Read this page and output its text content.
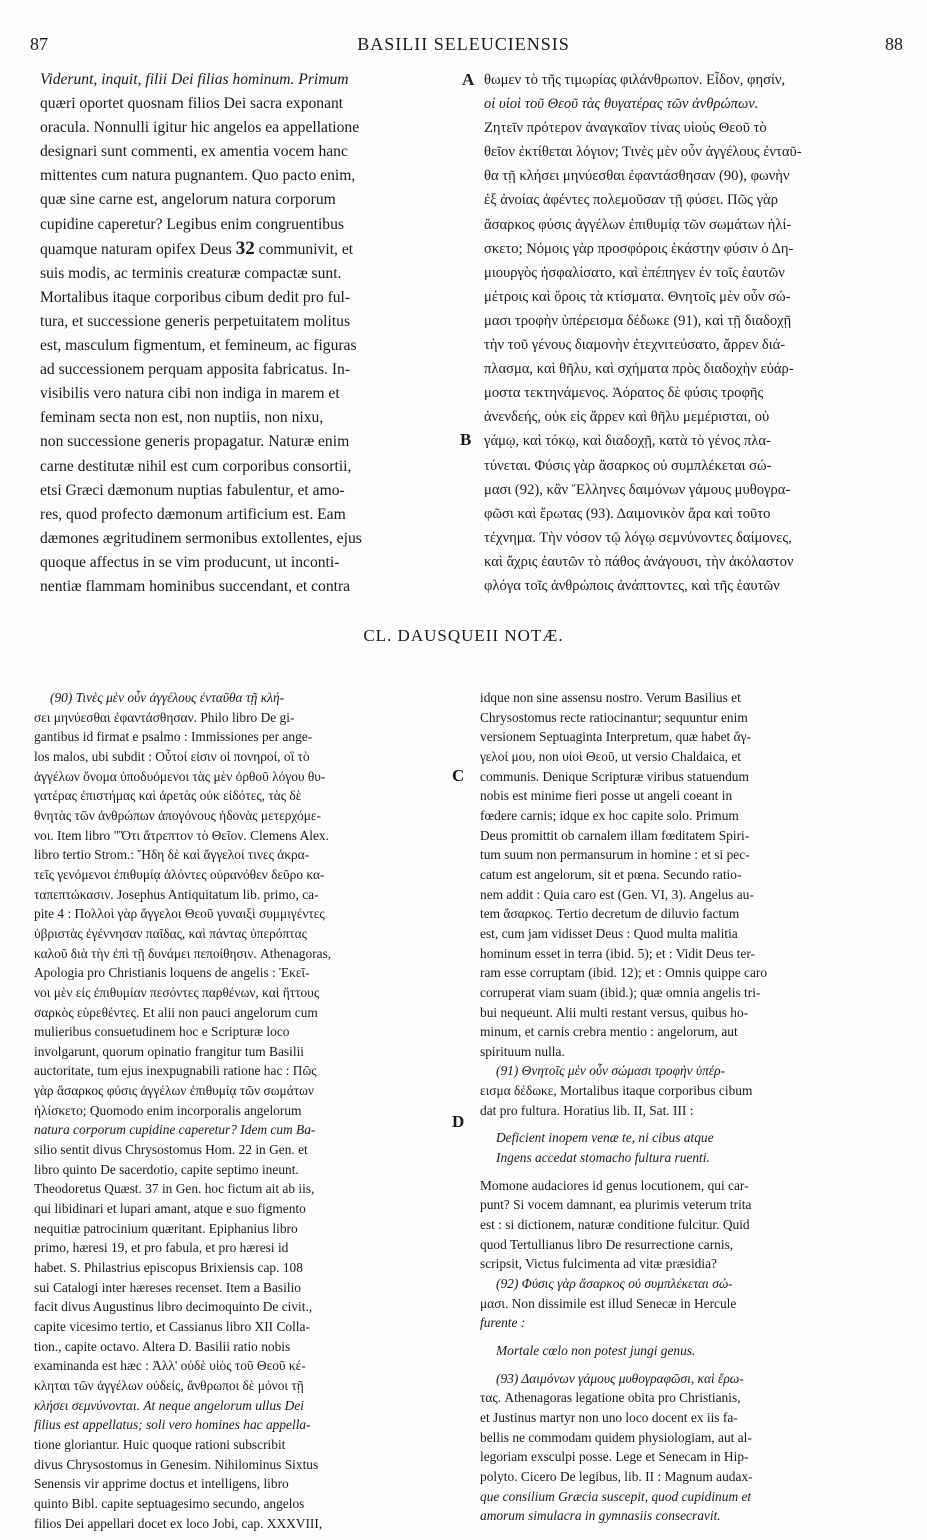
87	BASILII SELEUCIENSIS	88
Viderunt, inquit, filii Dei filias hominum. Primum
quæri oportet quosnam filios Dei sacra exponant
oracula. Nonnulli igitur hic angelos ea appellatione
designari sunt commenti, ex amentia vocem hanc
mittentes cum natura pugnantem. Quo pacto enim,
quæ sine carne est, angelorum natura corporum
cupidine caperetur? Legibus enim congruentibus
quamque naturam opifex Deus 32 communivit, et
suis modis, ac terminis creaturæ compactæ sunt.
Mortalibus itaque corporibus cibum dedit pro ful-
tura, et successione generis perpetuitatem molitus
est, masculum figmentum, et femineum, ac figuras
ad successionem perquam apposita fabricatus. In-
visibilis vero natura cibi non indiga in marem et
feminam secta non est, non nuptiis, non nixu,
non successione generis propagatur. Naturæ enim
carne destitutæ nihil est cum corporibus consortii,
etsi Græci dæmonum nuptias fabulentur, et amo-
res, quod profecto dæmonum artificium est. Eam
dæmones ægritudinem sermonibus extollentes, ejus
quoque affectus in se vim producunt, ut inconti-
nentiæ flammam hominibus succendant, et contra
A
B
θωμεν τὸ τῆς τιμωρίας φιλάνθρωπον. Εἶδον, φησίν,
οἱ υἱοὶ τοῦ Θεοῦ τὰς θυγατέρας τῶν ἀνθρώπων.
Ζητεῖν πρότερον ἀναγκαῖον τίνας υἱοὺς Θεοῦ τὸ
θεῖον ἐκτίθεται λόγιον; Τινὲς μὲν οὖν ἀγγέλους ἐνταῦ-
θα τῇ κλήσει μηνύεσθαι ἐφαντάσθησαν (90), φωνὴν
ἐξ ἀνοίας ἀφέντες πολεμοῦσαν τῇ φύσει. Πῶς γὰρ
ἄσαρκος φύσις ἀγγέλων ἐπιθυμίᾳ τῶν σωμάτων ἡλί-
σκετο; Νόμοις γὰρ προσφόροις ἑκάστην φύσιν ὁ Δη-
μιουργὸς ἠσφαλίσατο, καὶ ἐπέπηγεν ἐν τοῖς ἑαυτῶν
μέτροις καὶ ὅροις τὰ κτίσματα. Θνητοῖς μὲν οὖν σώ-
μασι τροφὴν ὑπέρεισμα δέδωκε (91), καὶ τῇ διαδοχῇ
τὴν τοῦ γένους διαμονὴν ἐτεχνιτεύσατο, ἄρρεν διά-
πλασμα, καὶ θῆλυ, καὶ σχήματα πρὸς διαδοχὴν εὐάρ-
μοστα τεκτηνάμενος. Ἀόρατος δὲ φύσις τροφῆς
ἀνενδεής, οὐκ εἰς ἄρρεν καὶ θῆλυ μεμέρισται, οὐ
γάμῳ, καὶ τόκῳ, καὶ διαδοχῇ, κατὰ τὸ γένος πλα-
τύνεται. Φύσις γὰρ ἄσαρκος οὐ συμπλέκεται σώ-
μασι (92), κἂν Ἕλληνες δαιμόνων γάμους μυθογρα-
φῶσι καὶ ἔρωτας (93). Δαιμονικὸν ἄρα καὶ τοῦτο
τέχνημα. Τὴν νόσον τῷ λόγῳ σεμνύνοντες δαίμονες,
καὶ ἄχρις ἑαυτῶν τὸ πάθος ἀνάγουσι, τὴν ἀκόλαστον
φλόγα τοῖς ἀνθρώποις ἀνάπτοντες, καὶ τῆς ἑαυτῶν
CL. DAUSQUEII NOTÆ.
(90) Τινὲς μὲν οὖν ἀγγέλους ἐνταῦθα τῇ κλή-
σει μηνύεσθαι ἐφαντάσθησαν. Philo libro De gi-
gantibus id firmat e psalmo : Immissiones per ange-
los malos, ubi subdit : Οὗτοί εἰσιν οἱ πονηροί, οἳ τὸ
ἀγγέλων ὄνομα ὑποδυόμενοι τὰς μὲν ὀρθοῦ λόγου θυ-
γατέρας ἐπιστήμας καὶ ἀρετὰς οὐκ εἰδότες, τὰς δὲ
θνητὰς τῶν ἀνθρώπων ἀπογόνους ἡδονὰς μετερχόμε-
νοι. Item libro "Ὅτι ἄτρεπτον τὸ Θεῖον. Clemens Alex.
libro tertio Strom.: Ἤδη δὲ καὶ ἄγγελοί τινες ἀκρα-
τεῖς γενόμενοι ἐπιθυμίᾳ ἁλόντες οὐρανόθεν δεῦρο κα-
ταπεπτώκασιν. Josephus Antiquitatum lib. primo, ca-
pite 4 : Πολλοὶ γὰρ ἄγγελοι Θεοῦ γυναιξὶ συμμιγέντες
ὑβριστὰς ἐγέννησαν παῖδας, καὶ πάντας ὑπερόπτας
καλοῦ διὰ τὴν ἐπὶ τῇ δυνάμει πεποίθησιν. Athenagoras,
Apologia pro Christianis loquens de angelis : Ἐκεῖ-
νοι μὲν εἰς ἐπιθυμίαν πεσόντες παρθένων, καὶ ἥττους
σαρκὸς εὑρεθέντες. Et alii non pauci angelorum cum
mulieribus consuetudinem hoc e Scripturæ loco
involgarunt, quorum opinatio frangitur tum Basilii
auctoritate, tum ejus inexpugnabili ratione hac : Πῶς
γὰρ ἄσαρκος φύσις ἀγγέλων ἐπιθυμίᾳ τῶν σωμάτων
ἡλίσκετο; Quomodo enim incorporalis angelorum
natura corporum cupidine caperetur? Idem cum Ba-
silio sentit divus Chrysostomus Hom. 22 in Gen. et
libro quinto De sacerdotio, capite septimo ineunt.
Theodoretus Quæst. 37 in Gen. hoc fictum ait ab iis,
qui libidinari et lupari amant, atque e suo figmento
nequitiæ patrocinium quæritant. Epiphanius libro
primo, hæresi 19, et pro fabula, et pro hæresi id
habet. S. Philastrius episcopus Brixiensis cap. 108
sui Catalogi inter hæreses recenset. Item a Basilio
facit divus Augustinus libro decimoquinto De civit.,
capite vicesimo tertio, et Cassianus libro XII Colla-
tion., capite octavo. Altera D. Basilii ratio nobis
examinanda est hæc : Ἀλλ' οὐδὲ υἱὸς τοῦ Θεοῦ κέ-
κληται τῶν ἀγγέλων οὐδείς, ἄνθρωποι δὲ μόνοι τῇ
κλήσει σεμνύνονται. At neque angelorum ullus Dei
filius est appellatus; soli vero homines hac appella-
tione gloriantur. Huic quoque rationi subscribit
divus Chrysostomus in Genesim. Nihilominus Sixtus
Senensis vir apprime doctus et intelligens, libro
quinto Bibl. capite septuagesimo secundo, angelos
filios Dei appellari docet ex loco Jobi, cap. XXXVIII,
C
D
idque non sine assensu nostro. Verum Basilius et
Chrysostomus recte ratiocinantur; sequuntur enim
versionem Septuaginta Interpretum, quæ habet ἄγ-
γελοί μου, non υἱοὶ Θεοῦ, ut versio Chaldaica, et
communis. Denique Scripturæ viribus statuendum
nobis est minime fieri posse ut angeli coeant in
fœdere carnis; idque ex hoc capite solo. Primum
Deus promittit ob carnalem illam fœditatem Spiri-
tum suum non permansurum in homine : et si pec-
catum est angelorum, sit et pœna. Secundo ratio-
nem addit : Quia caro est (Gen. VI, 3). Angelus au-
tem ἄσαρκος. Tertio decretum de diluvio factum
est, cum jam vidisset Deus : Quod multa malitia
hominum esset in terra (ibid. 5); et : Vidit Deus ter-
ram esse corruptam (ibid. 12); et : Omnis quippe caro
corruperat viam suam (ibid.); quæ omnia angelis tri-
bui nequeunt. Alii multi restant versus, quibus ho-
minum, et carnis crebra mentio : angelorum, aut
spirituum nulla.
(91) Θνητοῖς μὲν οὖν σώμασι τροφὴν ὑπέρ-
εισμα δέδωκε, Mortalibus itaque corporibus cibum
dat pro fultura. Horatius lib. II, Sat. III :
Deficient inopem venæ te, ni cibus atque
Ingens accedat stomacho fultura ruenti.
Momone audaciores id genus locutionem, qui car-
punt? Si vocem damnant, ea plurimis veterum trita
est : si dictionem, naturæ conditione fulcitur. Quid
quod Tertullianus libro De resurrectione carnis,
scripsit, Victus fulcimenta ad vitæ præsidia?
(92) Φύσις γὰρ ἄσαρκος οὐ συμπλέκεται σώ-
μασι. Non dissimile est illud Senecæ in Hercule
furente :
Mortale cœlo non potest jungi genus.
(93) Δαιμόνων γάμους μυθογραφῶσι, καὶ ἔρω-
τας. Athenagoras legatione obita pro Christianis,
et Justinus martyr non uno loco docent ex iis fa-
bellis ne commodam quidem physiologiam, aut al-
legoriam exsculpi posse. Lege et Senecam in Hip-
polyto. Cicero De legibus, lib. II : Magnum audax-
que consilium Græcia suscepit, quod cupidinum et
amorum simulacra in gymnasiis consecravit.
